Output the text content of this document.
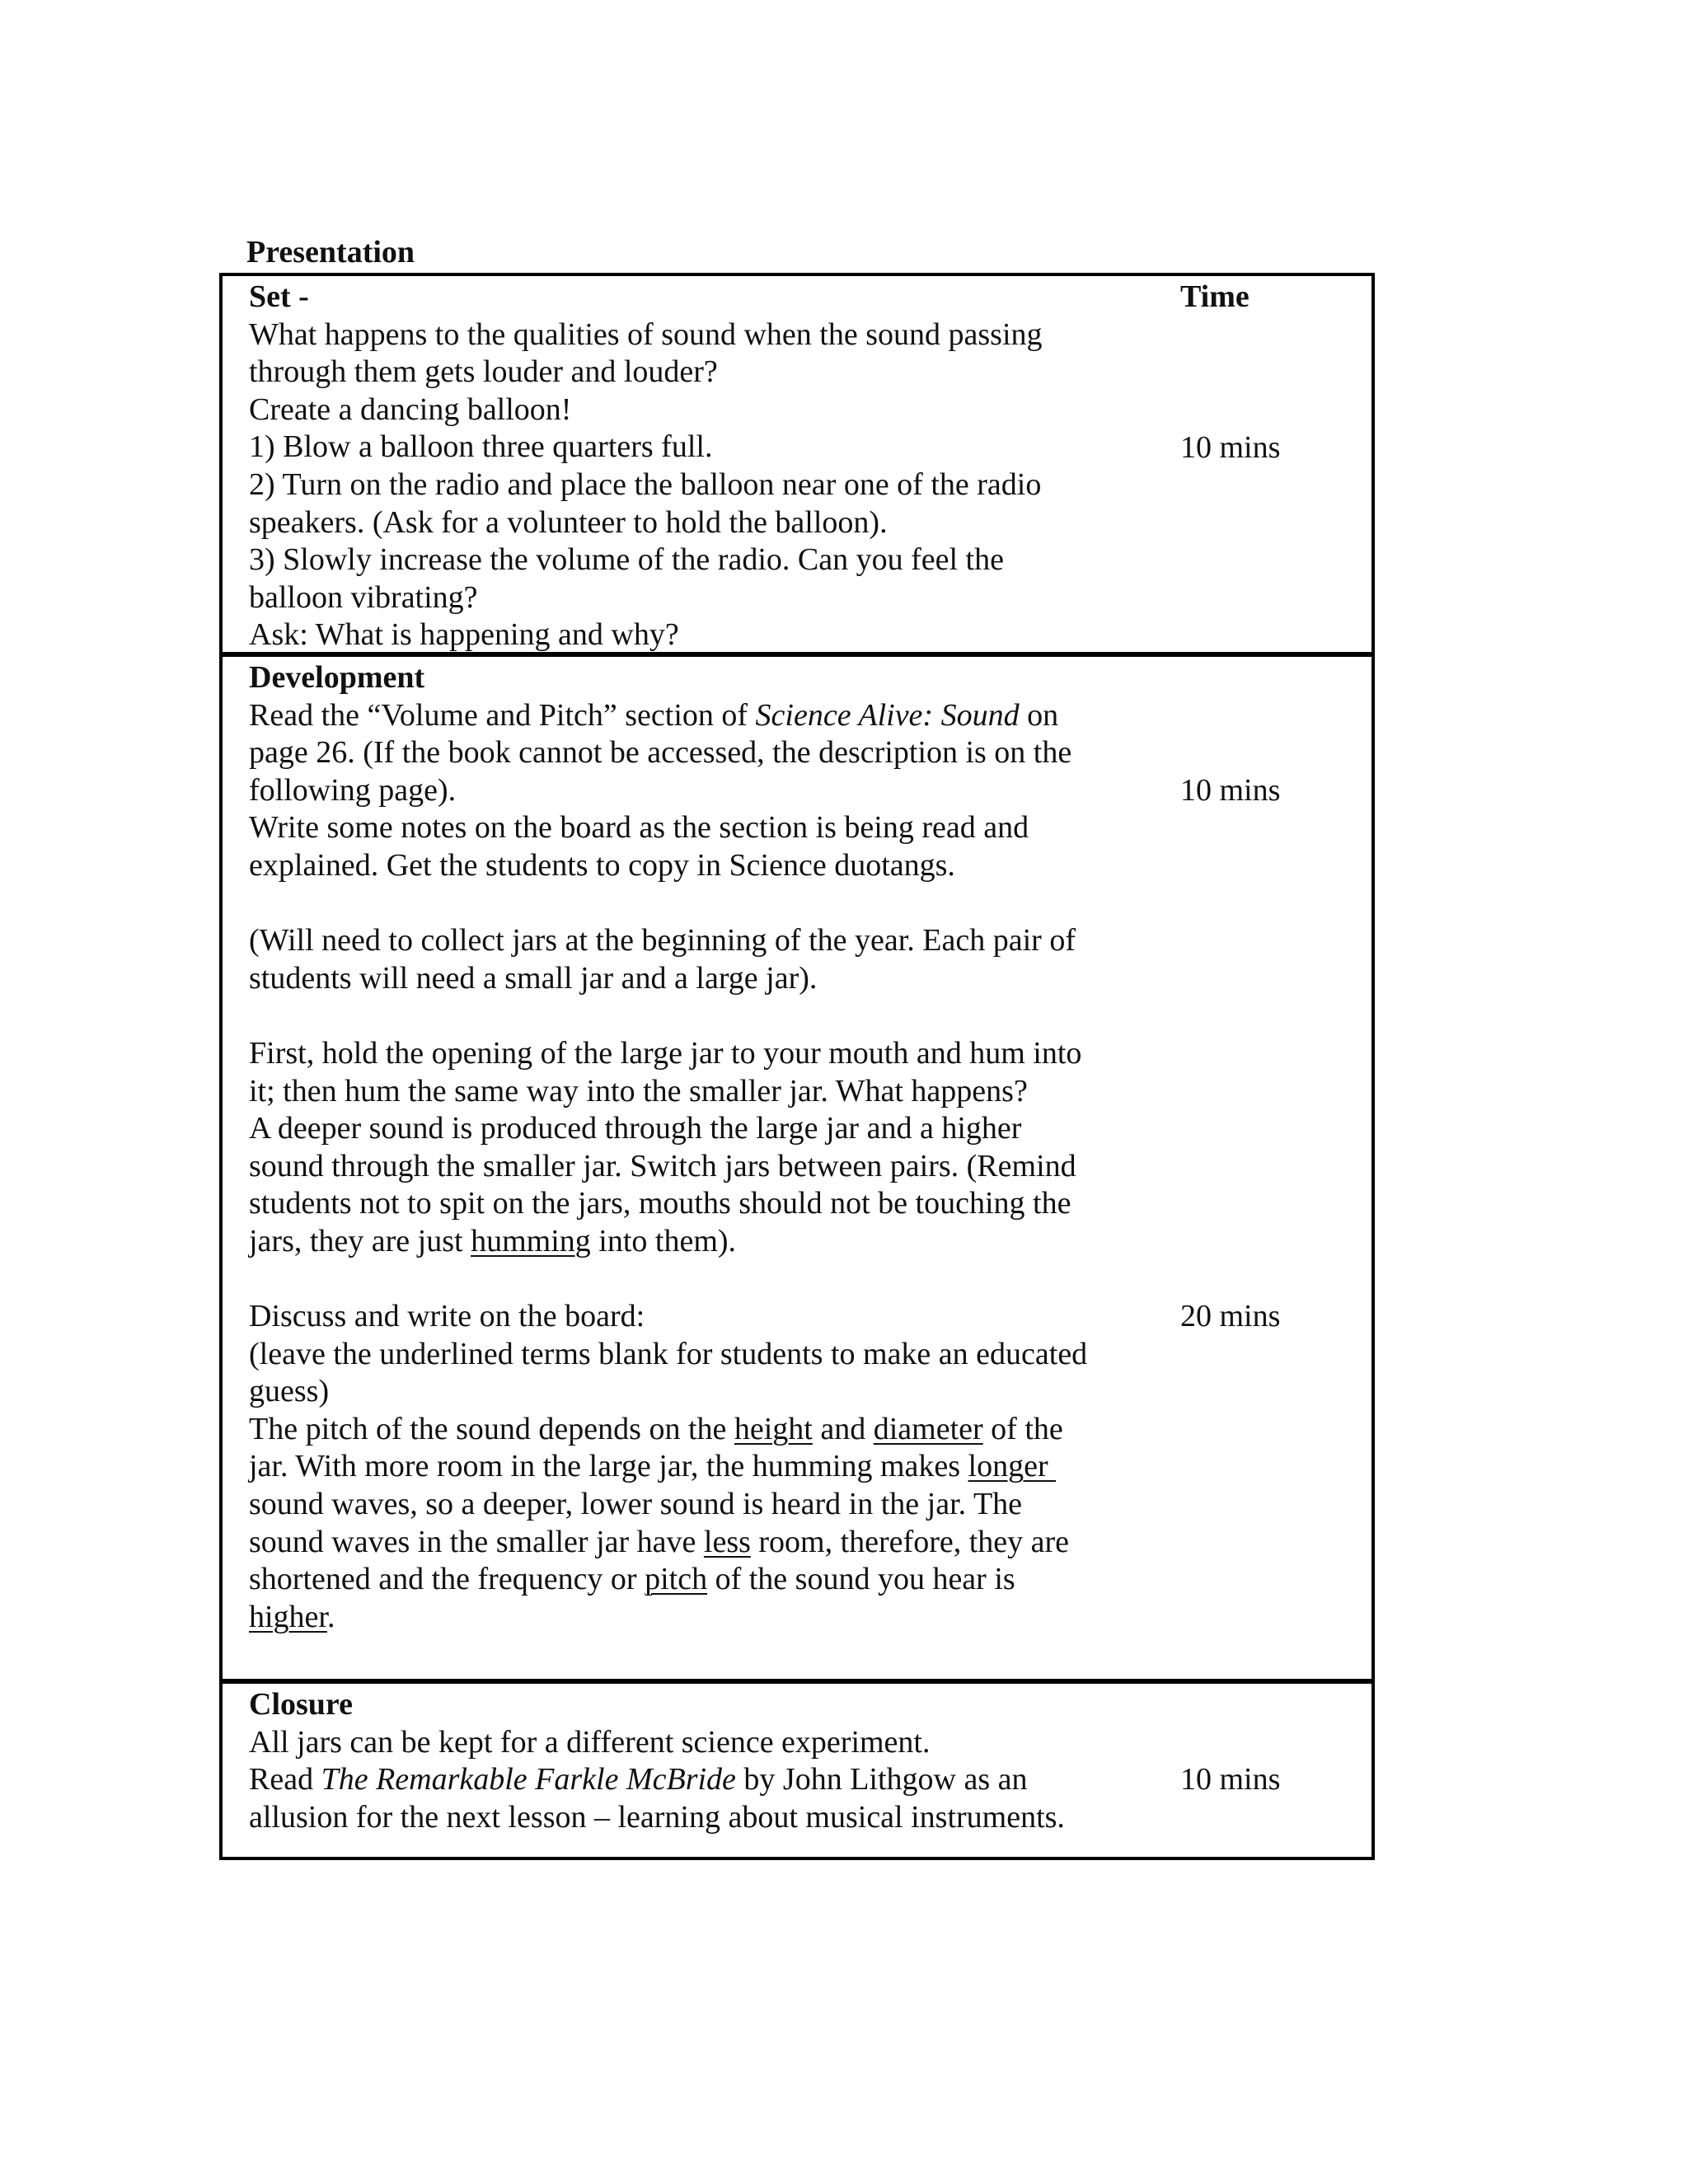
Presentation

Set -

What happens to the qualities of sound when the sound passing

through them gets louder and louder?

Create a dancing balloon!

1) Blow a balloon three quarters full.

2) Turn on the radio and place the balloon near one of the radio

speakers. (Ask for a volunteer to hold the balloon).

3) Slowly increase the volume of the radio. Can you feel the

balloon vibrating?

Ask: What is happening and why?

Time
10 mins

Development

Read the “Volume and Pitch” section of Science Alive: Sound on

page 26. (If the book cannot be accessed, the description is on the

following page).

Write some notes on the board as the section is being read and

explained. Get the students to copy in Science duotangs.

(Will need to collect jars at the beginning of the year. Each pair of

students will need a small jar and a large jar).

First, hold the opening of the large jar to your mouth and hum into

it; then hum the same way into the smaller jar. What happens?

A deeper sound is produced through the large jar and a higher

sound through the smaller jar. Switch jars between pairs. (Remind

students not to spit on the jars, mouths should not be touching the

jars, they are just humming into them).

Discuss and write on the board:

(leave the underlined terms blank for students to make an educated

guess)

The pitch of the sound depends on the height and diameter of the

jar. With more room in the large jar, the humming makes longer

sound waves, so a deeper, lower sound is heard in the jar. The

sound waves in the smaller jar have less room, therefore, they are

shortened and the frequency or pitch of the sound you hear is

higher.

10 mins
20 mins

Closure

All jars can be kept for a different science experiment.

Read The Remarkable Farkle McBride by John Lithgow as an

allusion for the next lesson – learning about musical instruments.

10 mins
